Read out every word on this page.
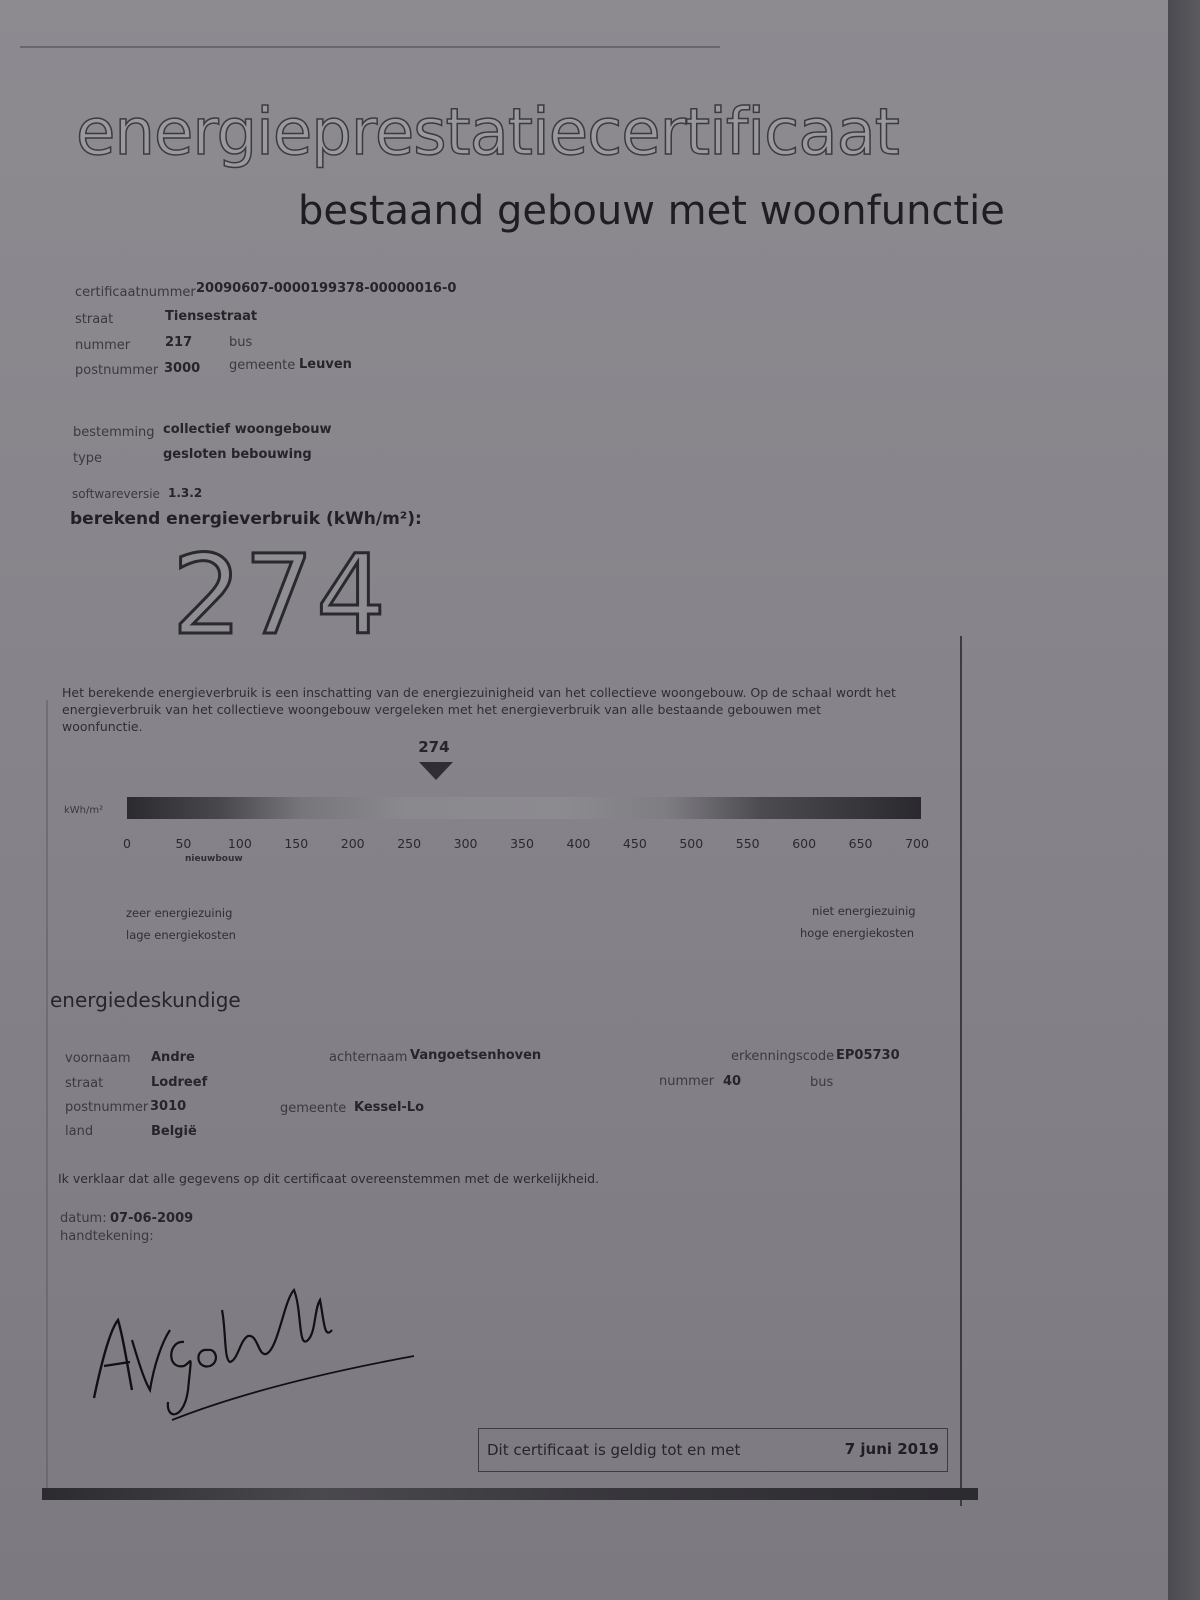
energieprestatiecertificaat
bestaand gebouw met woonfunctie
certificaatnummer 20090607-0000199378-00000016-0
straat	Tiensestraat
nummer	217	bus
postnummer 3000 gemeente Leuven
bestemming collectief woongebouw
type	gesloten bebouwing
softwareversie 1.3.2
berekend energieverbruik (kWh/m²):
274
Het berekende energieverbruik is een inschatting van de energiezuinigheid van het collectieve woongebouw. Op de schaal wordt het energieverbruik van het collectieve woongebouw vergeleken met het energieverbruik van alle bestaande gebouwen met woonfunctie.
274
kWh/m²
0	50	100	150	200	250	300	350	400	450	500	550	600	650	700
nieuwbouw
zeer energiezuinig
lage energiekosten
niet energiezuinig
hoge energiekosten
energiedeskundige
voornaam Andre	achternaam Vangoetsenhoven	erkenningscode EP05730
straat	Lodreef	nummer 40	bus
postnummer 3010	gemeente Kessel-Lo
land	België
Ik verklaar dat alle gegevens op dit certificaat overeenstemmen met de werkelijkheid.
datum: 07-06-2009
handtekening:
Dit certificaat is geldig tot en met	7 juni 2019
